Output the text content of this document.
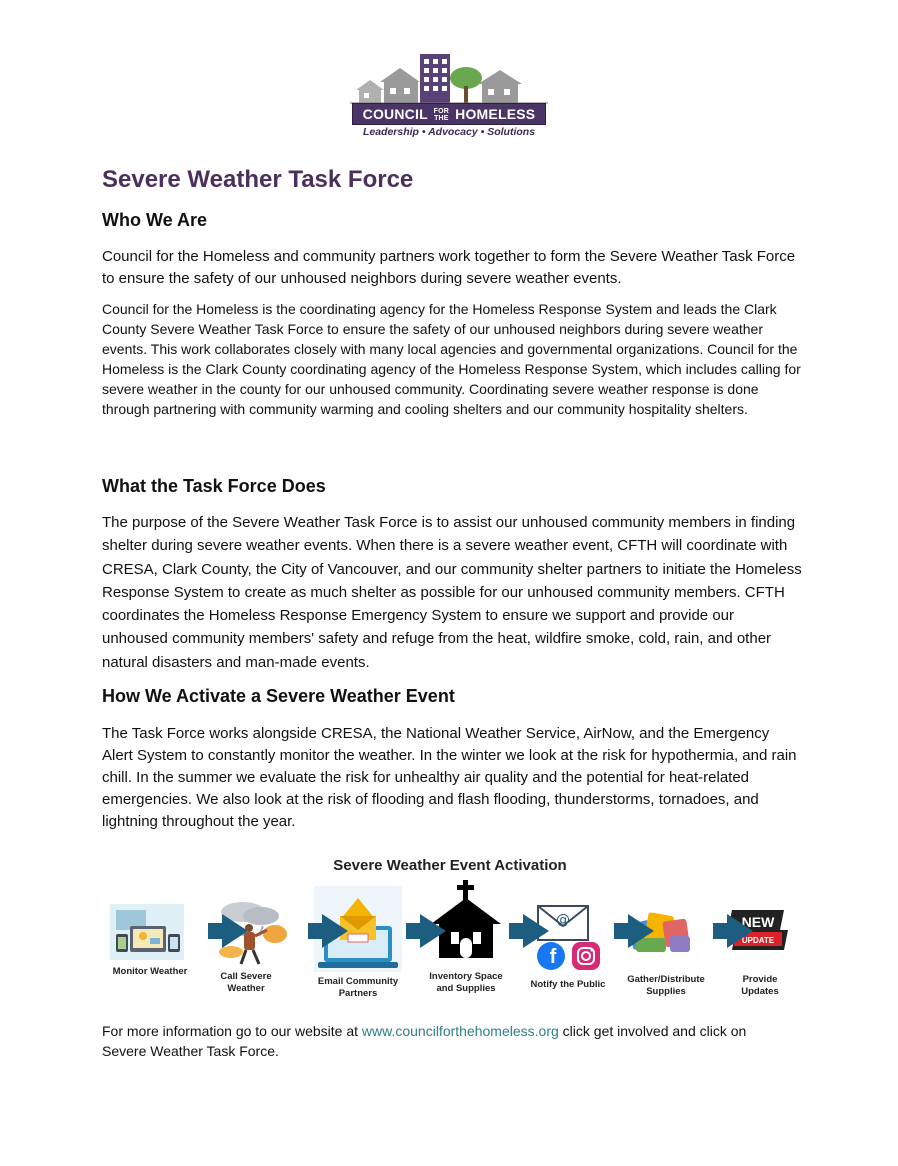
COUNCIL FOR
THE HOMELESS
Leadership • Advocacy • Solutions
Severe Weather Task Force
Who We Are

Council for the Homeless and community partners work together to form the Severe Weather Task Force to ensure the safety of our unhoused neighbors during severe weather events.

Council for the Homeless is the coordinating agency for the Homeless Response System and leads the Clark County Severe Weather Task Force to ensure the safety of our unhoused neighbors during severe weather events. This work collaborates closely with many local agencies and governmental organizations. Council for the Homeless is the Clark County coordinating agency of the Homeless Response System, which includes calling for severe weather in the county for our unhoused community. Coordinating severe weather response is done through partnering with community warming and cooling shelters and our community hospitality shelters.

What the Task Force Does

The purpose of the Severe Weather Task Force is to assist our unhoused community members in finding shelter during severe weather events. When there is a severe weather event, CFTH will coordinate with CRESA, Clark County, the City of Vancouver, and our community shelter partners to initiate the Homeless Response System to create as much shelter as possible for our unhoused community members. CFTH coordinates the Homeless Response Emergency System to ensure we support and provide our unhoused community members' safety and refuge from the heat, wildfire smoke, cold, rain, and other natural disasters and man-made events.

How We Activate a Severe Weather Event

The Task Force works alongside CRESA, the National Weather Service, AirNow, and the Emergency Alert System to constantly monitor the weather. In the winter we look at the risk for hypothermia, and rain chill. In the summer we evaluate the risk for unhealthy air quality and the potential for heat-related emergencies. We also look at the risk of flooding and flash flooding, thunderstorms, tornadoes, and lightning throughout the year.

Severe Weather Event Activation
@
f
NEW
UPDATE
Monitor Weather	Call Severe
Weather
Email Community
Partners
Inventory Space
and Supplies	Notify the Public	Gather/Distribute
Supplies
Provide
Updates

For more information go to our website at www.councilforthehomeless.org click get involved and click on Severe Weather Task Force.
